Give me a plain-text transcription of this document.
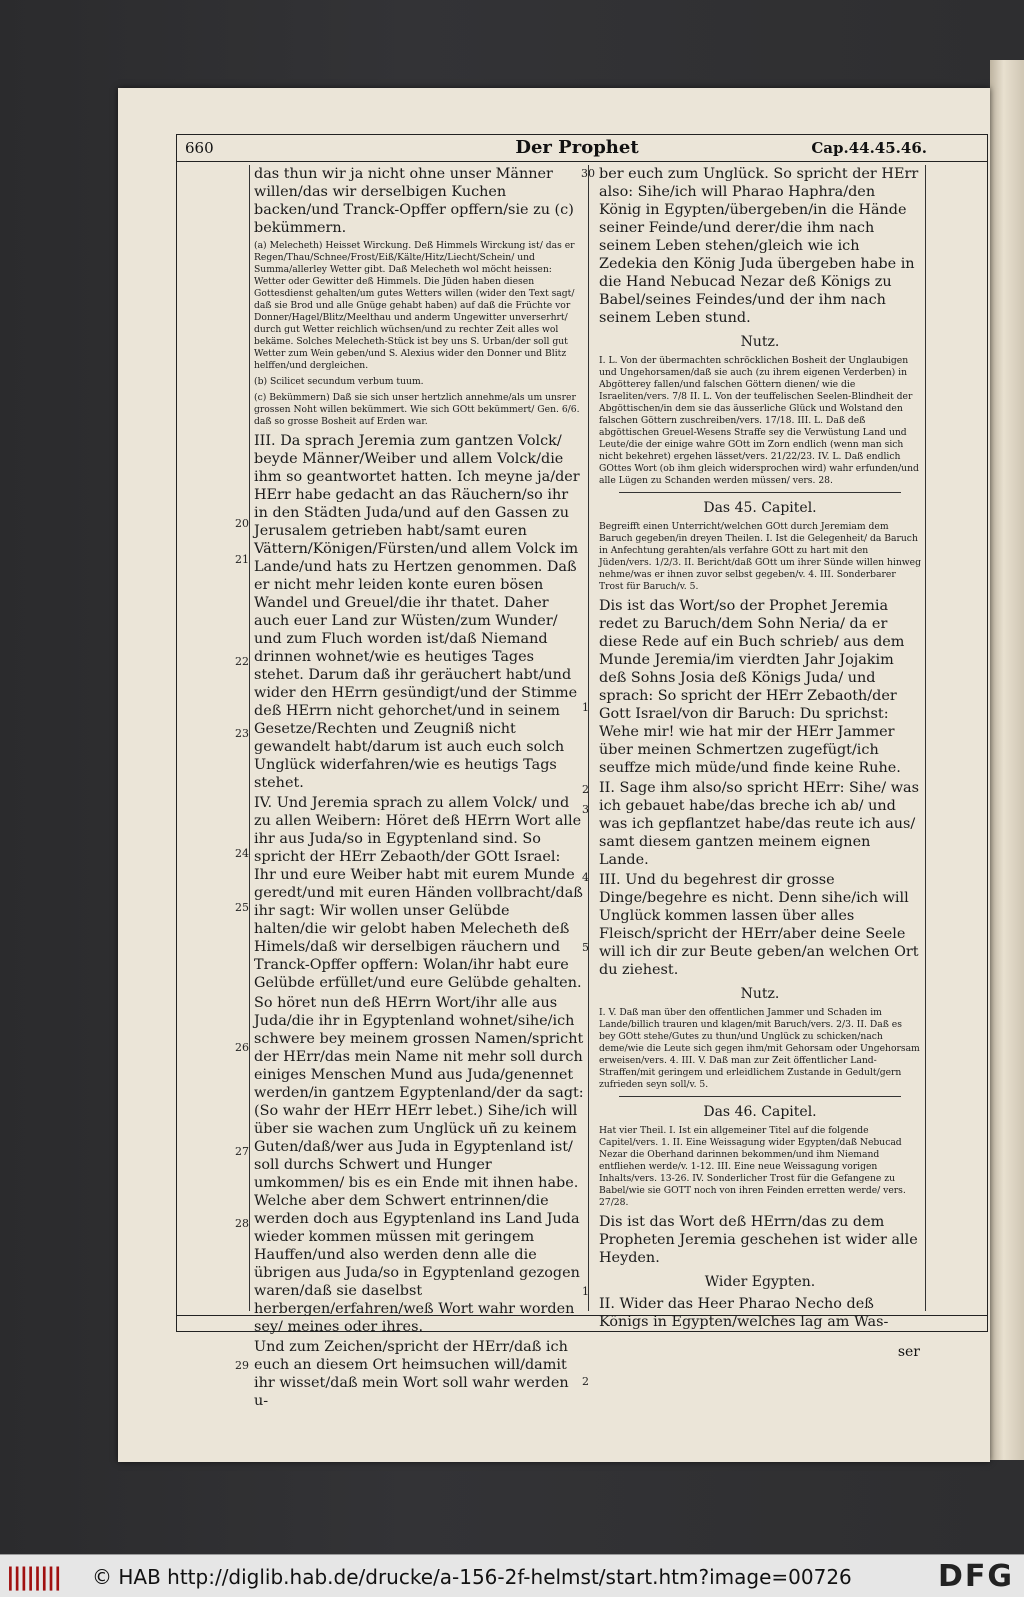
660	Der Prophet	Cap.44.45.46.
20
21
22
23
24
25
26
27
28
29
30
1
2
3
4
5
1
2

das thun wir ja nicht ohne unser Männer willen/das wir derselbigen Kuchen backen/und Tranck-Opffer opffern/sie zu (c) bekümmern.

(a) Melecheth) Heisset Wirckung. Deß Himmels Wirckung ist/ das er Regen/Thau/Schnee/Frost/Eiß/Kälte/Hitz/Liecht/Schein/ und Summa/allerley Wetter gibt. Daß Melecheth wol möcht heissen: Wetter oder Gewitter deß Himmels. Die Jüden haben diesen Gottesdienst gehalten/um gutes Wetters willen (wider den Text sagt/ daß sie Brod und alle Gnüge gehabt haben) auf daß die Früchte vor Donner/Hagel/Blitz/Meelthau und anderm Ungewitter unverserhrt/ durch gut Wetter reichlich wüchsen/und zu rechter Zeit alles wol bekäme. Solches Melecheth-Stück ist bey uns S. Urban/der soll gut Wetter zum Wein geben/und S. Alexius wider den Donner und Blitz helffen/und dergleichen.

(b) Scilicet secundum verbum tuum.

(c) Bekümmern) Daß sie sich unser hertzlich annehme/als um unsrer grossen Noht willen bekümmert. Wie sich GOtt bekümmert/ Gen. 6/6. daß so grosse Bosheit auf Erden war.

III. Da sprach Jeremia zum gantzen Volck/ beyde Männer/Weiber und allem Volck/die ihm so geantwortet hatten. Ich meyne ja/der HErr habe gedacht an das Räuchern/so ihr in den Städten Juda/und auf den Gassen zu Jerusalem getrieben habt/samt euren Vättern/Königen/Fürsten/und allem Volck im Lande/und hats zu Hertzen genommen. Daß er nicht mehr leiden konte euren bösen Wandel und Greuel/die ihr thatet. Daher auch euer Land zur Wüsten/zum Wunder/ und zum Fluch worden ist/daß Niemand drinnen wohnet/wie es heutiges Tages stehet. Darum daß ihr geräuchert habt/und wider den HErrn gesündigt/und der Stimme deß HErrn nicht gehorchet/und in seinem Gesetze/Rechten und Zeugniß nicht gewandelt habt/darum ist auch euch solch Unglück widerfahren/wie es heutigs Tags stehet.

IV. Und Jeremia sprach zu allem Volck/ und zu allen Weibern: Höret deß HErrn Wort alle ihr aus Juda/so in Egyptenland sind. So spricht der HErr Zebaoth/der GOtt Israel: Ihr und eure Weiber habt mit eurem Munde geredt/und mit euren Händen vollbracht/daß ihr sagt: Wir wollen unser Gelübde halten/die wir gelobt haben Melecheth deß Himels/daß wir derselbigen räuchern und Tranck-Opffer opffern: Wolan/ihr habt eure Gelübde erfüllet/und eure Gelübde gehalten.

So höret nun deß HErrn Wort/ihr alle aus Juda/die ihr in Egyptenland wohnet/sihe/ich schwere bey meinem grossen Namen/spricht der HErr/das mein Name nit mehr soll durch einiges Menschen Mund aus Juda/genennet werden/in gantzem Egyptenland/der da sagt: (So wahr der HErr HErr lebet.) Sihe/ich will über sie wachen zum Unglück uñ zu keinem Guten/daß/wer aus Juda in Egyptenland ist/ soll durchs Schwert und Hunger umkommen/ bis es ein Ende mit ihnen habe. Welche aber dem Schwert entrinnen/die werden doch aus Egyptenland ins Land Juda wieder kommen müssen mit geringem Hauffen/und also werden denn alle die übrigen aus Juda/so in Egyptenland gezogen waren/daß sie daselbst herbergen/erfahren/weß Wort wahr worden sey/ meines oder ihres.

Und zum Zeichen/spricht der HErr/daß ich euch an diesem Ort heimsuchen will/damit ihr wisset/daß mein Wort soll wahr werden u-

ber euch zum Unglück. So spricht der HErr also: Sihe/ich will Pharao Haphra/den König in Egypten/übergeben/in die Hände seiner Feinde/und derer/die ihm nach seinem Leben stehen/gleich wie ich Zedekia den König Juda übergeben habe in die Hand Nebucad Nezar deß Königs zu Babel/seines Feindes/und der ihm nach seinem Leben stund.

Nutz.

I. L. Von der übermachten schröcklichen Bosheit der Unglaubigen und Ungehorsamen/daß sie auch (zu ihrem eigenen Verderben) in Abgötterey fallen/und falschen Göttern dienen/ wie die Israeliten/vers. 7/8 II. L. Von der teuffelischen Seelen-Blindheit der Abgöttischen/in dem sie das äusserliche Glück und Wolstand den falschen Göttern zuschreiben/vers. 17/18. III. L. Daß deß abgöttischen Greuel-Wesens Straffe sey die Verwüstung Land und Leute/die der einige wahre GOtt im Zorn endlich (wenn man sich nicht bekehret) ergehen lässet/vers. 21/22/23. IV. L. Daß endlich GOttes Wort (ob ihm gleich widersprochen wird) wahr erfunden/und alle Lügen zu Schanden werden müssen/ vers. 28.

Das 45. Capitel.

Begreifft einen Unterricht/welchen GOtt durch Jeremiam dem Baruch gegeben/in dreyen Theilen. I. Ist die Gelegenheit/ da Baruch in Anfechtung gerahten/als verfahre GOtt zu hart mit den Jüden/vers. 1/2/3. II. Bericht/daß GOtt um ihrer Sünde willen hinweg nehme/was er ihnen zuvor selbst gegeben/v. 4. III. Sonderbarer Trost für Baruch/v. 5.

Dis ist das Wort/so der Prophet Jeremia redet zu Baruch/dem Sohn Neria/ da er diese Rede auf ein Buch schrieb/ aus dem Munde Jeremia/im vierdten Jahr Jojakim deß Sohns Josia deß Königs Juda/ und sprach: So spricht der HErr Zebaoth/der Gott Israel/von dir Baruch: Du sprichst: Wehe mir! wie hat mir der HErr Jammer über meinen Schmertzen zugefügt/ich seuffze mich müde/und finde keine Ruhe.

II. Sage ihm also/so spricht HErr: Sihe/ was ich gebauet habe/das breche ich ab/ und was ich gepflantzet habe/das reute ich aus/ samt diesem gantzen meinem eignen Lande.

III. Und du begehrest dir grosse Dinge/begehre es nicht. Denn sihe/ich will Unglück kommen lassen über alles Fleisch/spricht der HErr/aber deine Seele will ich dir zur Beute geben/an welchen Ort du ziehest.

Nutz.

I. V. Daß man über den offentlichen Jammer und Schaden im Lande/billich trauren und klagen/mit Baruch/vers. 2/3. II. Daß es bey GOtt stehe/Gutes zu thun/und Unglück zu schicken/nach deme/wie die Leute sich gegen ihm/mit Gehorsam oder Ungehorsam erweisen/vers. 4. III. V. Daß man zur Zeit öffentlicher Land-Straffen/mit geringem und erleidlichem Zustande in Gedult/gern zufrieden seyn soll/v. 5.

Das 46. Capitel.

Hat vier Theil. I. Ist ein allgemeiner Titel auf die folgende Capitel/vers. 1. II. Eine Weissagung wider Egypten/daß Nebucad Nezar die Oberhand darinnen bekommen/und ihm Niemand entfliehen werde/v. 1-12. III. Eine neue Weissagung vorigen Inhalts/vers. 13-26. IV. Sonderlicher Trost für die Gefangene zu Babel/wie sie GOTT noch von ihren Feinden erretten werde/ vers. 27/28.

Dis ist das Wort deß HErrn/das zu dem Propheten Jeremia geschehen ist wider alle Heyden.

Wider Egypten.

II. Wider das Heer Pharao Necho deß Königs in Egypten/welches lag am Was-

ser
|||||||| © HAB http://diglib.hab.de/drucke/a-156-2f-helmst/start.htm?image=00726	DFG
